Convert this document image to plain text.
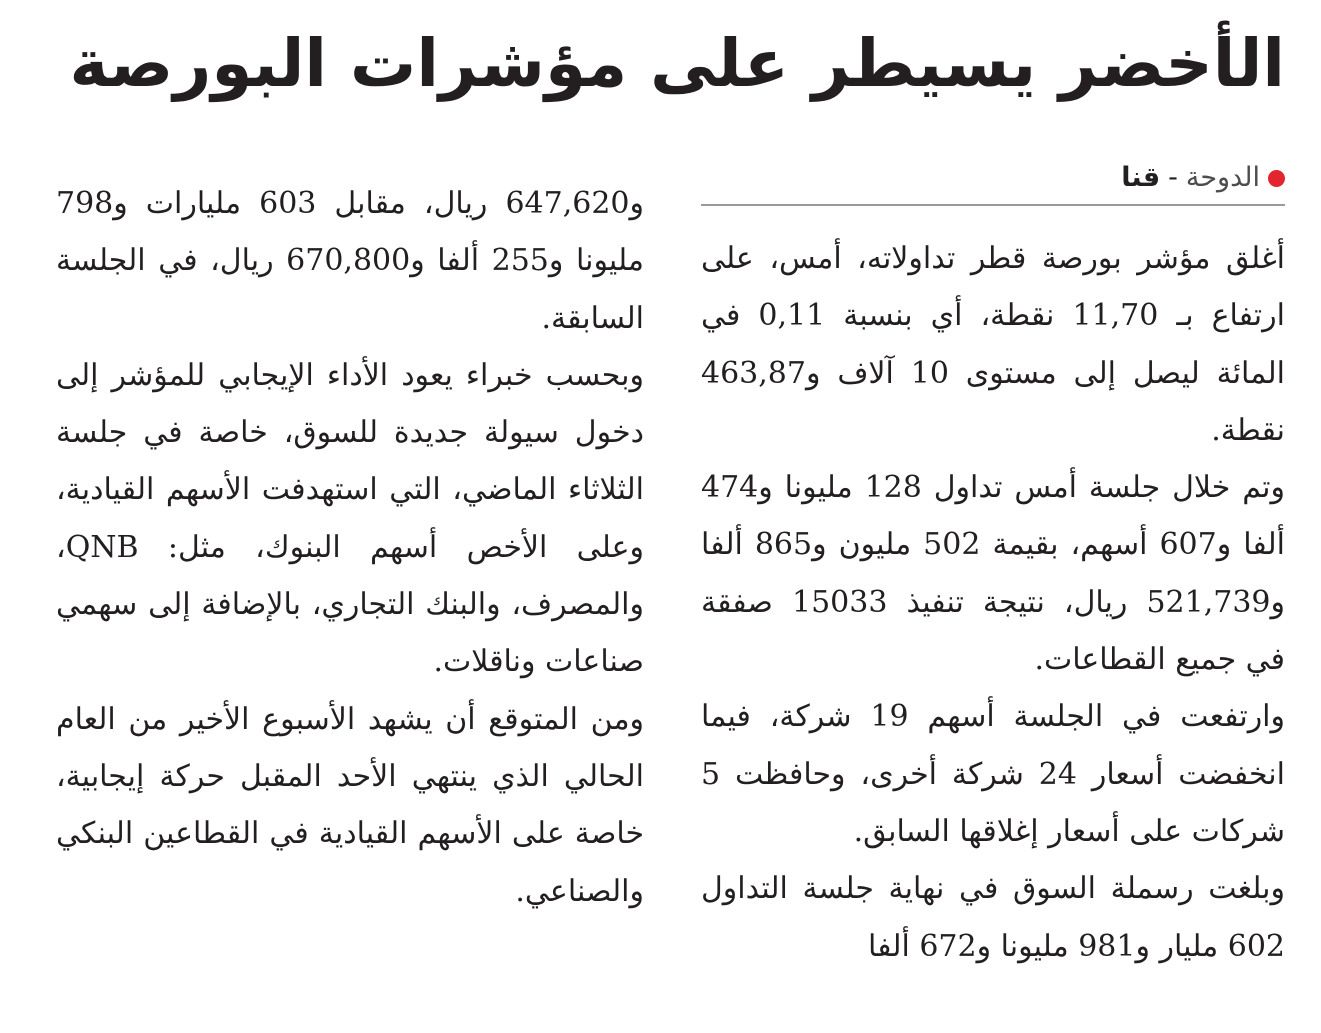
الأخضر يسيطر على مؤشرات البورصة
الدوحة
-
قنا

أغلق مؤشر بورصة قطر تداولاته، أمس، على ارتفاع بـ 11,70 نقطة، أي بنسبة 0,11 في المائة ليصل إلى مستوى 10 آلاف و463,87 نقطة.

وتم خلال جلسة أمس تداول 128 مليونا و474 ألفا و607 أسهم، بقيمة 502 مليون و865 ألفا و521,739 ريال، نتيجة تنفيذ 15033 صفقة في جميع القطاعات.

وارتفعت في الجلسة أسهم 19 شركة، فيما انخفضت أسعار 24 شركة أخرى، وحافظت 5 شركات على أسعار إغلاقها السابق.

وبلغت رسملة السوق في نهاية جلسة التداول 602 مليار و981 مليونا و672 ألفا

و647,620 ريال، مقابل 603 مليارات و798 مليونا و255 ألفا و670,800 ريال، في الجلسة السابقة.

وبحسب خبراء يعود الأداء الإيجابي للمؤشر إلى دخول سيولة جديدة للسوق، خاصة في جلسة الثلاثاء الماضي، التي استهدفت الأسهم القيادية، وعلى الأخص أسهم البنوك، مثل: QNB، والمصرف، والبنك التجاري، بالإضافة إلى سهمي صناعات وناقلات.

ومن المتوقع أن يشهد الأسبوع الأخير من العام الحالي الذي ينتهي الأحد المقبل حركة إيجابية، خاصة على الأسهم القيادية في القطاعين البنكي والصناعي.
